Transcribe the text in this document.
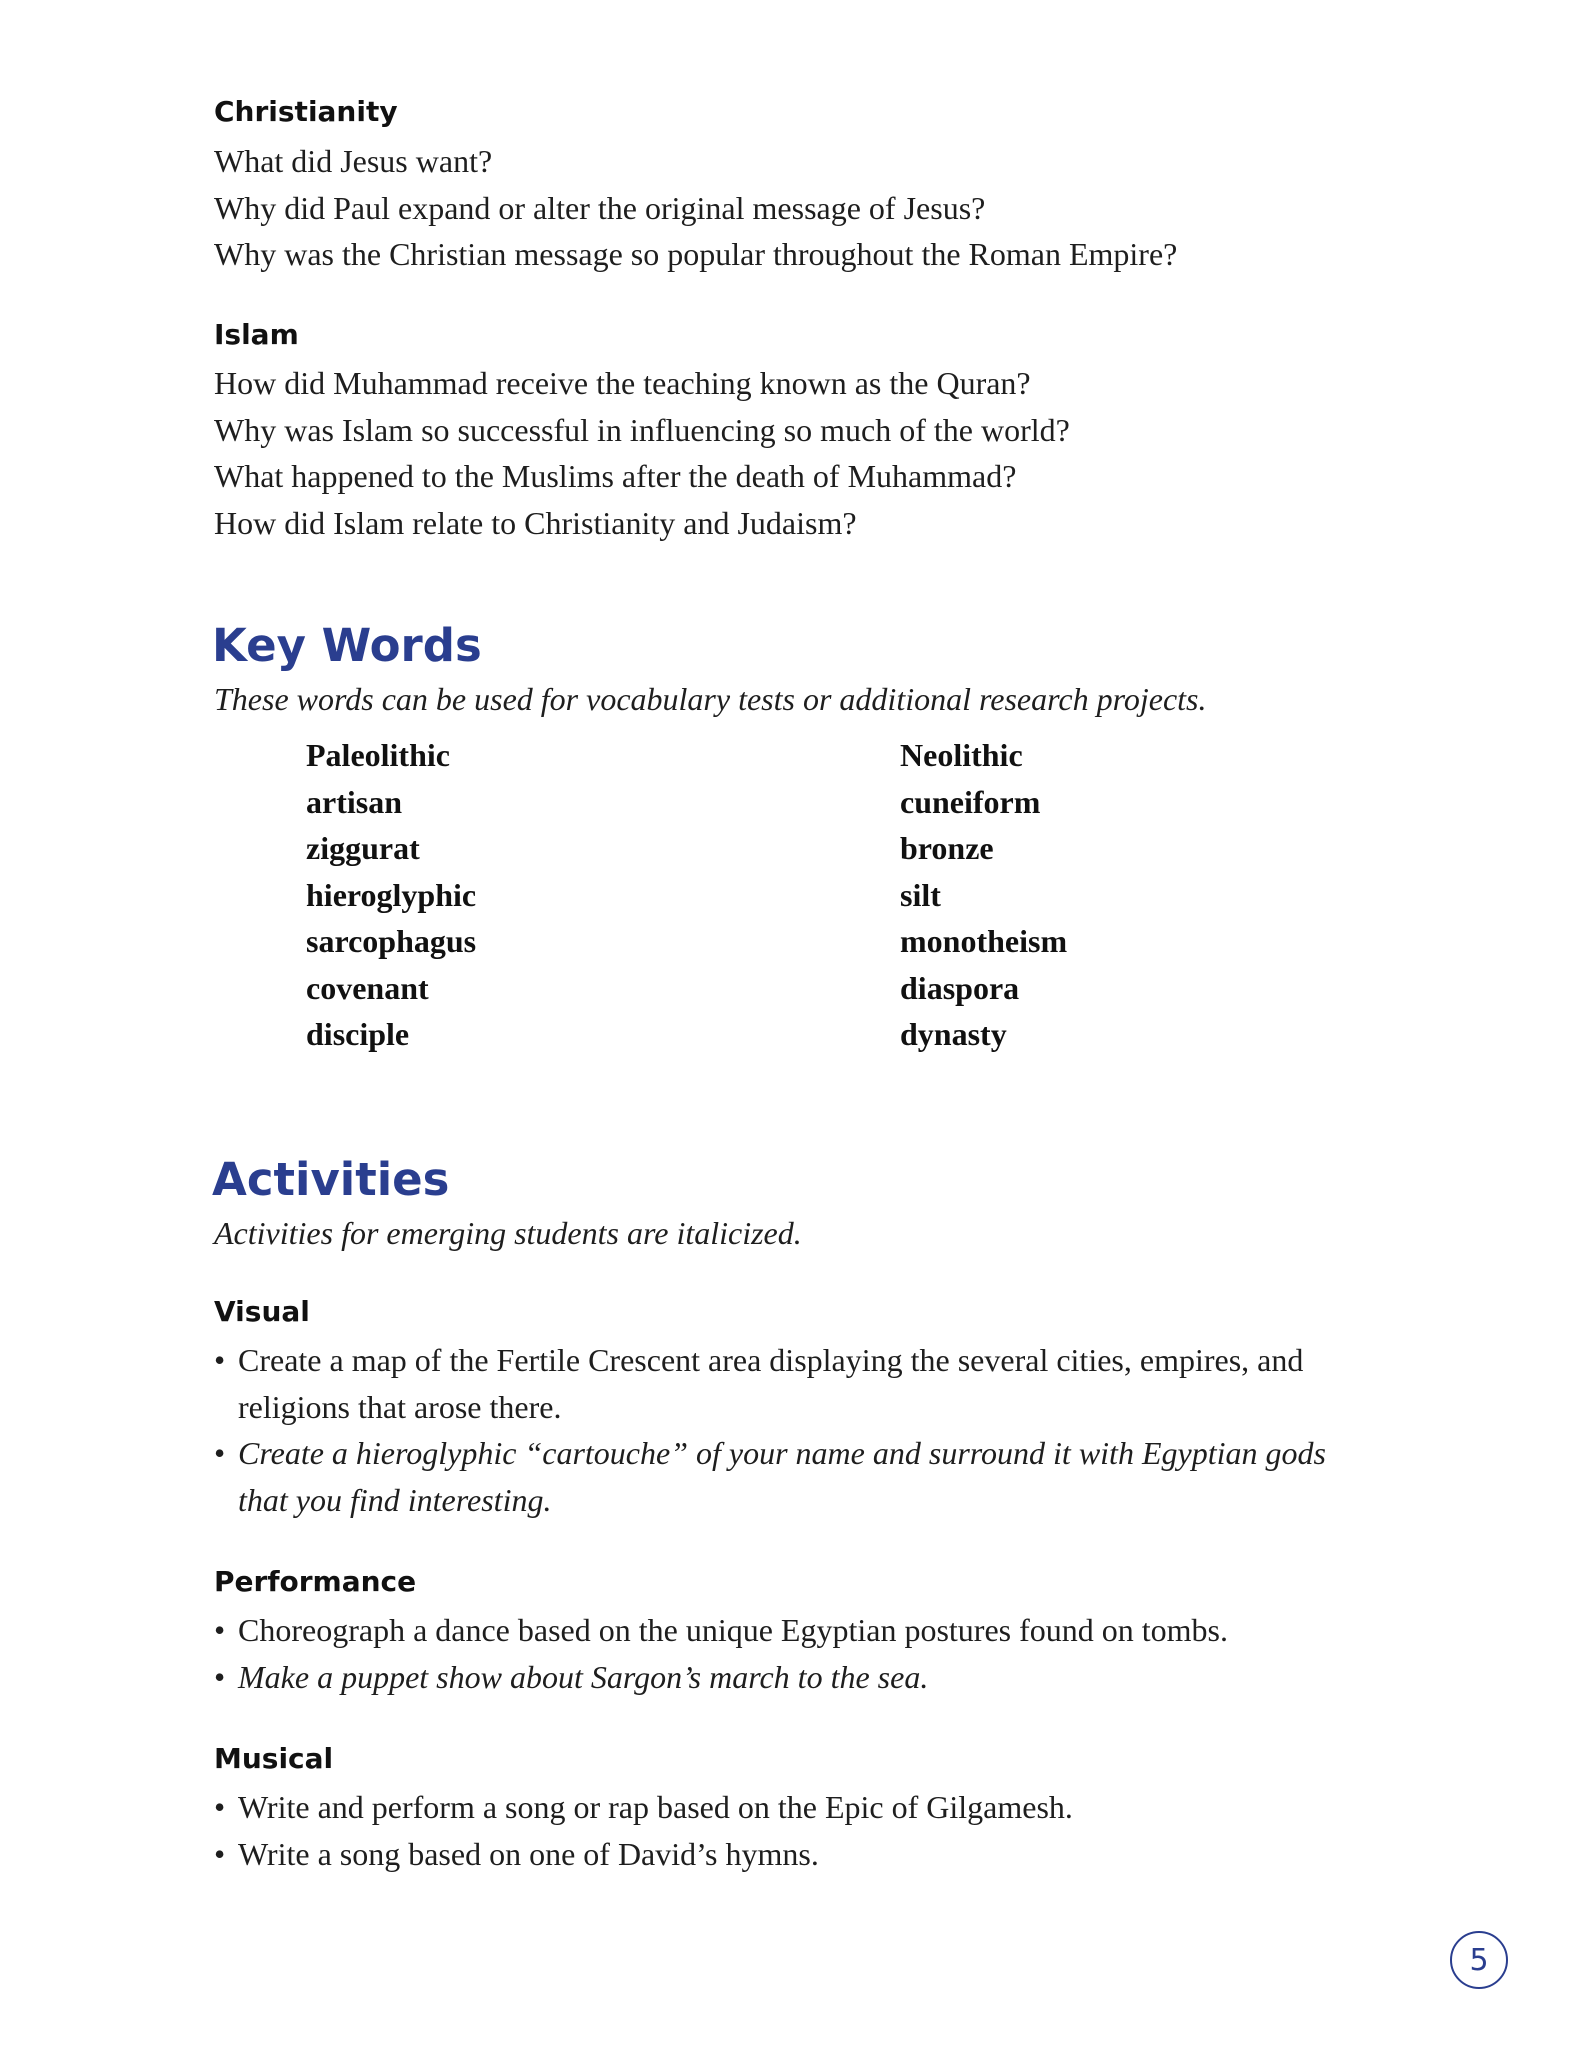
Christianity
What did Jesus want?
Why did Paul expand or alter the original message of Jesus?
Why was the Christian message so popular throughout the Roman Empire?
Islam
How did Muhammad receive the teaching known as the Quran?
Why was Islam so successful in influencing so much of the world?
What happened to the Muslims after the death of Muhammad?
How did Islam relate to Christianity and Judaism?
Key Words
These words can be used for vocabulary tests or additional research projects.
Paleolithic
artisan
ziggurat
hieroglyphic
sarcophagus
covenant
disciple
Neolithic
cuneiform
bronze
silt
monotheism
diaspora
dynasty
Activities
Activities for emerging students are italicized.
Visual
• Create a map of the Fertile Crescent area displaying the several cities, empires, and religions that arose there.
• Create a hieroglyphic “cartouche” of your name and surround it with Egyptian gods that you find interesting.
Performance
• Choreograph a dance based on the unique Egyptian postures found on tombs.
• Make a puppet show about Sargon’s march to the sea.
Musical
• Write and perform a song or rap based on the Epic of Gilgamesh.
• Write a song based on one of David’s hymns.
5
